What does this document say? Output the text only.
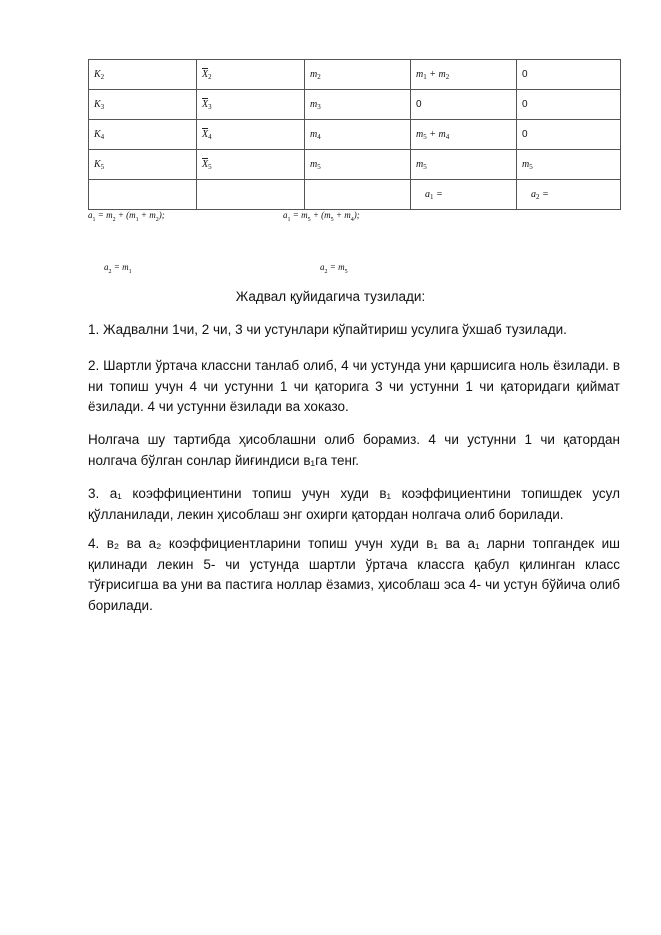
$K_2$	$X_2$	$m_2$	$m_1 + m_2$	0
$K_3$	$X_3$	$m_3$	0	0
$K_4$	$X_4$	$m_4$	$m_5 + m_4$	0
$K_5$	$X_5$	$m_5$	$m_5$	$m_5$
			$a_1$ =	$a_2$ =
$a_1 = m_2 + (m_1 + m_2)$;	$a_1 = m_5 + (m_5 + m_4)$;
$a_2 = m_1$	$a_2 = m_5$
Жадвал қуйидагича тузилади:
1. Жадвални 1чи, 2 чи, 3 чи устунлари кўпайтириш усулига ўхшаб тузилади.
2. Шартли ўртача классни танлаб олиб, 4 чи устунда уни қаршисига ноль ёзилади. в ни топиш учун 4 чи устунни 1 чи қаторига 3 чи устунни 1 чи қаторидаги қиймат ёзилади. 4 чи устунни ёзилади ва хоказо.
Нолгача шу тартибда ҳисоблашни олиб борамиз. 4 чи устунни 1 чи қатордан нолгача бўлган сонлар йиғиндиси в₁га тенг.
3. а₁ коэффициентини топиш учун худи в₁ коэффициентини топишдек усул қўлланилади, лекин ҳисоблаш энг охирги қатордан нолгача олиб борилади.
4. в₂ ва а₂ коэффициентларини топиш учун худи в₁ ва а₁ ларни топгандек иш қилинади лекин 5- чи устунда шартли ўртача классга қабул қилинган класс тўғрисигша ва уни ва пастига ноллар ёзамиз, ҳисоблаш эса 4- чи устун бўйича олиб борилади.
